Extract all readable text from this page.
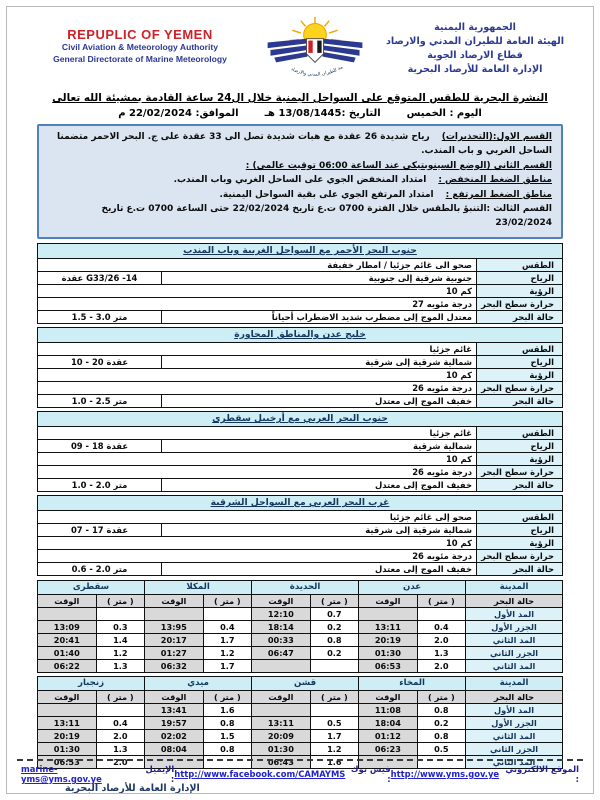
REPUPLIC OF YEMEN
Civil Aviation & Meteorology Authority
General Directorate of Marine Meteorology
مة للطيران المدني والارصاد
الجمهورية اليمنية
الهيئة العامة للطيران المدني والارصاد
قطاع الارصاد الجوية
الإدارة العامة للأرصاد البحرية
النشرة البحرية للطقس المتوقع على السواحل اليمنية خلال ال24 ساعة القادمة بمشيئة الله تعالى
اليوم : الخميس
التاريخ :13/08/1445 هـ
الموافق: 22/02/2024 م
القسم الاول:(التحذيرات)رياح شديدة 26 عقدة مع هبات شديدة تصل الى 33 عقدة على ج. البحر الاحمر متضمنا الساحل الغربي و باب المندب.
القسم الثاني (الوضع السينوبتيكي عند الساعة 06:00 توقيت عالمي) :
مناطق الضغط المنخفض :امتداد المنخفض الجوي على الساحل الغربي وباب المندب.
مناطق الضغط المرتفع :امتداد المرتفع الجوي على بقية السواحل اليمنية.
القسم الثالث :التنبؤ بالطقس خلال الفترة 0700 ت.ع تاريخ 22/02/2024 حتى الساعة 0700 ت.ع تاريخ 23/02/2024
جنوب البحر الأحمر مع السواحل الغربية وباب المندب		
الطقس	صحو الى غائم جزئيا / امطار خفيفة	
الرياح	جنوبية شرقية إلى جنوبية	عقدة G33/26 -14
الرؤية	10 كم	
حرارة سطح البحر	27 درجة مئويه	
حالة البحر	معتدل الموج إلى مضطرب شديد الاضطراب أحياناً	متر 3.0 - 1.5
خليج عدن والمناطق المجاورة		
الطقس	غائم جزئيا	
الرياح	شمالية شرقية إلى شرقية	عقدة 20 - 10
الرؤية	10 كم	
حرارة سطح البحر	26 درجة مئويه	
حالة البحر	خفيف الموج إلى معتدل	متر 2.5 - 1.0
جنوب البحر العربي مع أرخبيل سقطرى		
الطقس	غائم جزئيا	
الرياح	شمالية شرقية	عقدة 18 - 09
الرؤية	10 كم	
حرارة سطح البحر	26 درجة مئويه	
حالة البحر	خفيف الموج إلى معتدل	متر 2.0 - 1.0
غرب البحر العربي مع السواحل الشرقية		
الطقس	صحو إلى غائم جزئيا	
الرياح	شمالية شرقية إلى شرقية	عقدة 17 - 07
الرؤية	10 كم	
حرارة سطح البحر	26 درجة مئويه	
حالة البحر	خفيف الموج إلى معتدل	متر 2.0 - 0.6
المدينة	عدن		الحديدة		المكلا		سقطرى	
حالة البحر	( متر )	الوقت	( متر )	الوقت	( متر )	الوقت	( متر )	الوقت
المد الأول			0.7	12:10				
الجزر الأول	0.4	13:11	0.2	18:14	0.4	13:95	0.3	13:09
المد الثاني	2.0	20:19	0.8	00:33	1.7	20:17	1.4	20:41
الجزر الثاني	1.3	01:30	0.2	06:47	1.2	01:27	1.2	01:40
المد الثاني	2.0	06:53			1.7	06:32	1.3	06:22
المدينة	المخاء		قشن		ميدي		زنجبار	
حالة البحر	( متر )	الوقت	( متر )	الوقت	( متر )	الوقت	( متر )	الوقت
المد الأول	0.8	11:08			1.6	13:41		
الجزر الأول	0.2	18:04	0.5	13:11	0.8	19:57	0.4	13:11
المد الثاني	0.8	01:12	1.7	20:09	1.5	02:02	2.0	20:19
الجزر الثاني	0.5	06:23	1.2	01:30	0.8	08:04	1.3	01:30
المد الثاني			1.6	06:43			2.0	06:53
الإدارة العامة للأرصاد البحرية
الموقع الالكتروني :
http://www.yms.gov.ye
فيس بوك :
http://www.facebook.com/CAMAYMS
الإيميل :
marine-yms@yms.gov.ye
